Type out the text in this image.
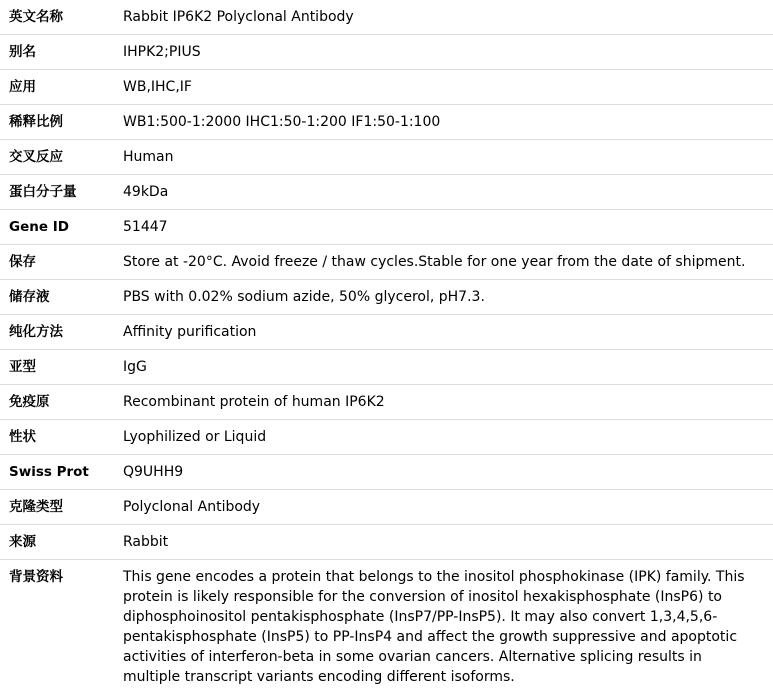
英文名称	Rabbit IP6K2 Polyclonal Antibody
别名	IHPK2;PIUS
应用	WB,IHC,IF
稀释比例	WB1:500-1:2000 IHC1:50-1:200 IF1:50-1:100
交叉反应	Human
蛋白分子量	49kDa
Gene ID	51447
保存	Store at -20°C. Avoid freeze / thaw cycles.Stable for one year from the date of shipment.
储存液	PBS with 0.02% sodium azide, 50% glycerol, pH7.3.
纯化方法	Affinity purification
亚型	IgG
免疫原	Recombinant protein of human IP6K2
性状	Lyophilized or Liquid
Swiss Prot	Q9UHH9
克隆类型	Polyclonal Antibody
来源	Rabbit
背景资料	This gene encodes a protein that belongs to the inositol phosphokinase (IPK) family. This protein is likely responsible for the conversion of inositol hexakisphosphate (InsP6) to diphosphoinositol pentakisphosphate (InsP7/PP-InsP5). It may also convert 1,3,4,5,6-pentakisphosphate (InsP5) to PP-InsP4 and affect the growth suppressive and apoptotic activities of interferon-beta in some ovarian cancers. Alternative splicing results in multiple transcript variants encoding different isoforms.
